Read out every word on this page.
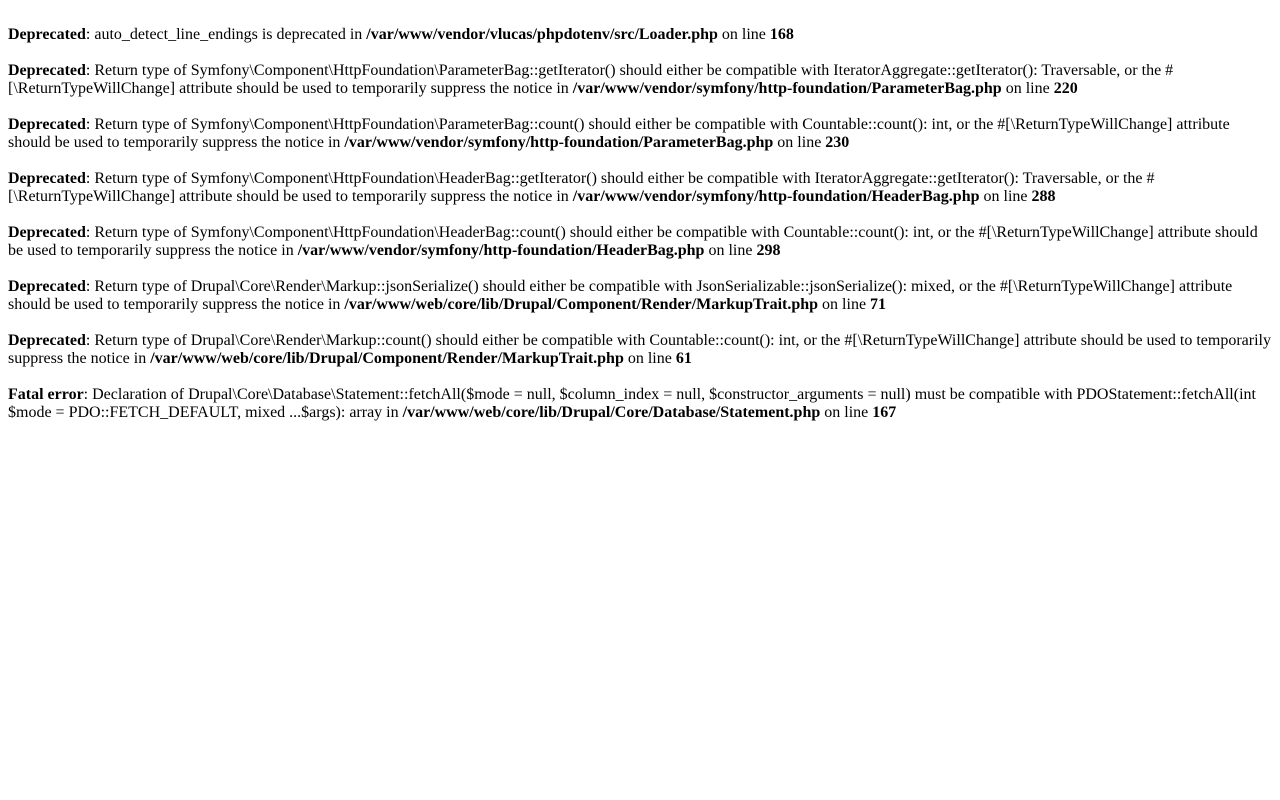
Deprecated: auto_detect_line_endings is deprecated in /var/www/vendor/vlucas/phpdotenv/src/Loader.php on line 168

Deprecated: Return type of Symfony\Component\HttpFoundation\ParameterBag::getIterator() should either be compatible with IteratorAggregate::getIterator(): Traversable, or the #[\ReturnTypeWillChange] attribute should be used to temporarily suppress the notice in /var/www/vendor/symfony/http-foundation/ParameterBag.php on line 220

Deprecated: Return type of Symfony\Component\HttpFoundation\ParameterBag::count() should either be compatible with Countable::count(): int, or the #[\ReturnTypeWillChange] attribute should be used to temporarily suppress the notice in /var/www/vendor/symfony/http-foundation/ParameterBag.php on line 230

Deprecated: Return type of Symfony\Component\HttpFoundation\HeaderBag::getIterator() should either be compatible with IteratorAggregate::getIterator(): Traversable, or the #[\ReturnTypeWillChange] attribute should be used to temporarily suppress the notice in /var/www/vendor/symfony/http-foundation/HeaderBag.php on line 288

Deprecated: Return type of Symfony\Component\HttpFoundation\HeaderBag::count() should either be compatible with Countable::count(): int, or the #[\ReturnTypeWillChange] attribute should be used to temporarily suppress the notice in /var/www/vendor/symfony/http-foundation/HeaderBag.php on line 298

Deprecated: Return type of Drupal\Core\Render\Markup::jsonSerialize() should either be compatible with JsonSerializable::jsonSerialize(): mixed, or the #[\ReturnTypeWillChange] attribute should be used to temporarily suppress the notice in /var/www/web/core/lib/Drupal/Component/Render/MarkupTrait.php on line 71

Deprecated: Return type of Drupal\Core\Render\Markup::count() should either be compatible with Countable::count(): int, or the #[\ReturnTypeWillChange] attribute should be used to temporarily suppress the notice in /var/www/web/core/lib/Drupal/Component/Render/MarkupTrait.php on line 61

Fatal error: Declaration of Drupal\Core\Database\Statement::fetchAll($mode = null, $column_index = null, $constructor_arguments = null) must be compatible with PDOStatement::fetchAll(int $mode = PDO::FETCH_DEFAULT, mixed ...$args): array in /var/www/web/core/lib/Drupal/Core/Database/Statement.php on line 167
